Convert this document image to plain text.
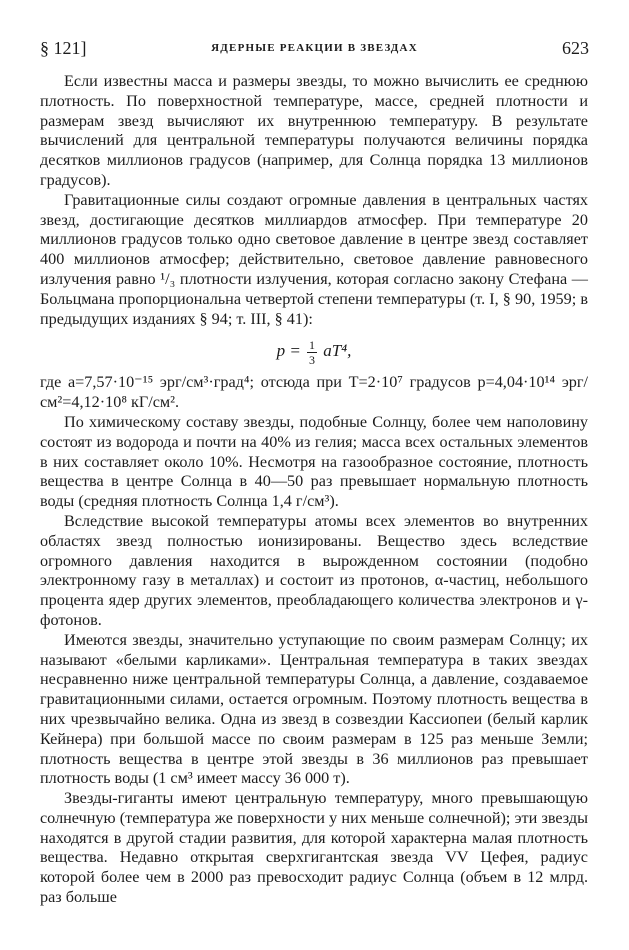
§ 121]	ЯДЕРНЫЕ РЕАКЦИИ В ЗВЕЗДАХ	623

Если известны масса и размеры звезды, то можно вычислить ее среднюю плотность. По поверхностной температуре, массе, средней плотности и размерам звезд вычисляют их внутреннюю температуру. В результате вычислений для центральной температуры получаются величины порядка десятков миллионов градусов (например, для Солнца порядка 13 миллионов градусов).

Гравитационные силы создают огромные давления в центральных частях звезд, достигающие десятков миллиардов атмосфер. При температуре 20 миллионов градусов только одно световое давление в центре звезд составляет 400 миллионов атмосфер; действительно, световое давление равновесного излучения равно ¹/₃ плотности излучения, которая согласно закону Стефана — Больцмана пропорциональна четвертой степени температуры (т. I, § 90, 1959; в предыдущих изданиях § 94; т. III, § 41):

$p = \frac{1}{3} aT^4$,

где a=7,57·10⁻¹⁵ эрг/см³·град⁴; отсюда при T=2·10⁷ градусов p=4,04·10¹⁴ эрг/см²=4,12·10⁸ кГ/см².

По химическому составу звезды, подобные Солнцу, более чем наполовину состоят из водорода и почти на 40% из гелия; масса всех остальных элементов в них составляет около 10%. Несмотря на газообразное состояние, плотность вещества в центре Солнца в 40—50 раз превышает нормальную плотность воды (средняя плотность Солнца 1,4 г/см³).

Вследствие высокой температуры атомы всех элементов во внутренних областях звезд полностью ионизированы. Вещество здесь вследствие огромного давления находится в вырожденном состоянии (подобно электронному газу в металлах) и состоит из протонов, α-частиц, небольшого процента ядер других элементов, преобладающего количества электронов и γ-фотонов.

Имеются звезды, значительно уступающие по своим размерам Солнцу; их называют «белыми карликами». Центральная температура в таких звездах несравненно ниже центральной температуры Солнца, а давление, создаваемое гравитационными силами, остается огромным. Поэтому плотность вещества в них чрезвычайно велика. Одна из звезд в созвездии Кассиопеи (белый карлик Кейнера) при большой массе по своим размерам в 125 раз меньше Земли; плотность вещества в центре этой звезды в 36 миллионов раз превышает плотность воды (1 см³ имеет массу 36 000 т).

Звезды-гиганты имеют центральную температуру, много превышающую солнечную (температура же поверхности у них меньше солнечной); эти звезды находятся в другой стадии развития, для которой характерна малая плотность вещества. Недавно открытая сверхгигантская звезда VV Цефея, радиус которой более чем в 2000 раз превосходит радиус Солнца (объем в 12 млрд. раз больше
